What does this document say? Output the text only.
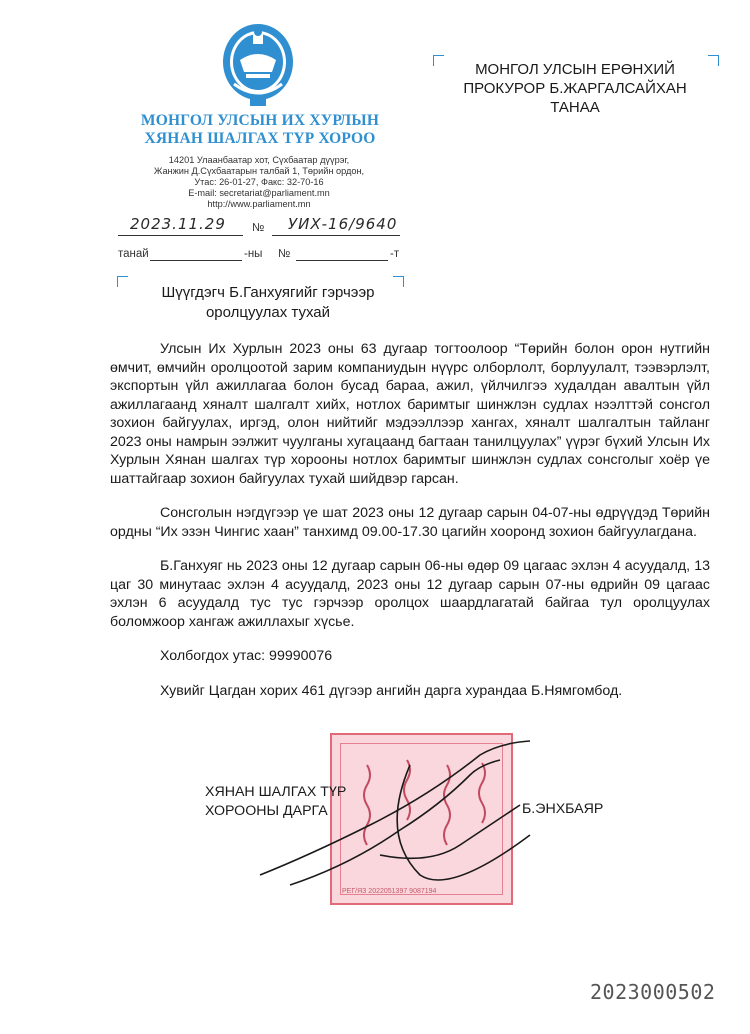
МОНГОЛ УЛСЫН ИХ ХУРЛЫН
ХЯНАН ШАЛГАХ ТҮР ХОРОО
14201 Улаанбаатар хот, Сүхбаатар дүүрэг,
Жанжин Д.Сүхбаатарын талбай 1, Төрийн ордон,
Утас: 26-01-27, Факс: 32-70-16
E-mail: secretariat@parliament.mn
http://www.parliament.mn
2023.11.29 № УИХ-16/9640
танай	-ны №	-т
МОНГОЛ УЛСЫН ЕРӨНХИЙ
ПРОКУРОР Б.ЖАРГАЛСАЙХАН
ТАНАА
Шүүгдэгч Б.Ганхуягийг гэрчээр
оролцуулах тухай

Улсын Их Хурлын 2023 оны 63 дугаар тогтоолоор “Төрийн болон орон нутгийн өмчит, өмчийн оролцоотой зарим компаниудын нүүрс олборлолт, борлуулалт, тээвэрлэлт, экспортын үйл ажиллагаа болон бусад бараа, ажил, үйлчилгээ худалдан авалтын үйл ажиллагаанд хяналт шалгалт хийх, нотлох баримтыг шинжлэн судлах нээлттэй сонсгол зохион байгуулах, иргэд, олон нийтийг мэдээллээр хангах, хяналт шалгалтын тайланг 2023 оны намрын ээлжит чуулганы хугацаанд багтаан танилцуулах” үүрэг бүхий Улсын Их Хурлын Хянан шалгах түр хорооны нотлох баримтыг шинжлэн судлах сонсголыг хоёр үе шаттайгаар зохион байгуулах тухай шийдвэр гарсан.

Сонсголын нэгдүгээр үе шат 2023 оны 12 дугаар сарын 04-07-ны өдрүүдэд Төрийн ордны “Их эзэн Чингис хаан” танхимд 09.00-17.30 цагийн хооронд зохион байгуулагдана.

Б.Ганхуяг нь 2023 оны 12 дугаар сарын 06-ны өдөр 09 цагаас эхлэн 4 асуудалд, 13 цаг 30 минутаас эхлэн 4 асуудалд, 2023 оны 12 дугаар сарын 07-ны өдрийн 09 цагаас эхлэн 6 асуудалд тус тус гэрчээр оролцох шаардлагатай байгаа тул оролцуулах боломжоор хангаж ажиллахыг хүсье.

Холбогдох утас: 99990076

Хувийг Цагдан хорих 461 дүгээр ангийн дарга хурандаа Б.Нямгомбод.

РЕГ/ЯЗ 2022051397 9087194
ХЯНАН ШАЛГАХ ТҮР
ХОРООНЫ ДАРГА	Б.ЭНХБАЯР
2023000502
